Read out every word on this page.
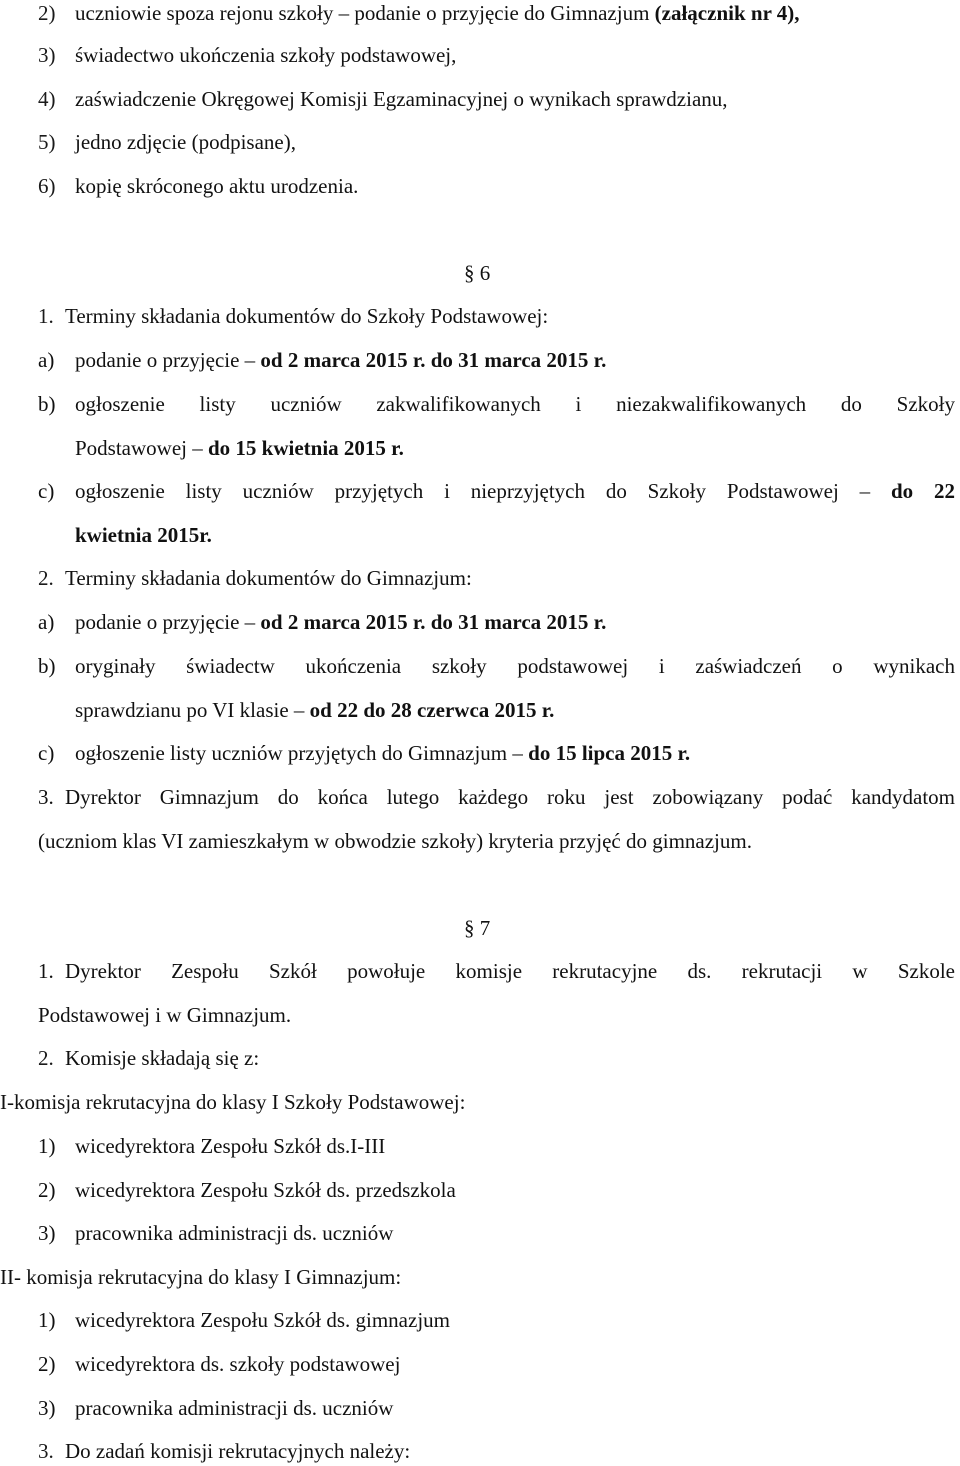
2) uczniowie spoza rejonu szkoły – podanie o przyjęcie do Gimnazjum (załącznik nr 4),
3) świadectwo ukończenia szkoły podstawowej,
4) zaświadczenie Okręgowej Komisji Egzaminacyjnej o wynikach sprawdzianu,
5) jedno zdjęcie (podpisane),
6) kopię skróconego aktu urodzenia.
§ 6
1. Terminy składania dokumentów do Szkoły Podstawowej:
a) podanie o przyjęcie – od 2 marca 2015 r. do 31 marca 2015 r.
b) ogłoszenie listy uczniów zakwalifikowanych i niezakwalifikowanych do Szkoły
Podstawowej – do 15 kwietnia 2015 r.
c) ogłoszenie listy uczniów przyjętych i nieprzyjętych do Szkoły Podstawowej – do 22
kwietnia 2015r.
2. Terminy składania dokumentów do Gimnazjum:
a) podanie o przyjęcie – od 2 marca 2015 r. do 31 marca 2015 r.
b) oryginały świadectw ukończenia szkoły podstawowej i zaświadczeń o wynikach
sprawdzianu po VI klasie – od 22 do 28 czerwca 2015 r.
c) ogłoszenie listy uczniów przyjętych do Gimnazjum – do 15 lipca 2015 r.
3. Dyrektor Gimnazjum do końca lutego każdego roku jest zobowiązany podać kandydatom
(uczniom klas VI zamieszkałym w obwodzie szkoły) kryteria przyjęć do gimnazjum.
§ 7
1. Dyrektor Zespołu Szkół powołuje komisje rekrutacyjne ds. rekrutacji w Szkole
Podstawowej i w Gimnazjum.
2. Komisje składają się z:
I-komisja rekrutacyjna do klasy I Szkoły Podstawowej:
1) wicedyrektora Zespołu Szkół ds.I-III
2) wicedyrektora Zespołu Szkół ds. przedszkola
3) pracownika administracji ds. uczniów
II- komisja rekrutacyjna do klasy I Gimnazjum:
1) wicedyrektora Zespołu Szkół ds. gimnazjum
2) wicedyrektora ds. szkoły podstawowej
3) pracownika administracji ds. uczniów
3. Do zadań komisji rekrutacyjnych należy:
